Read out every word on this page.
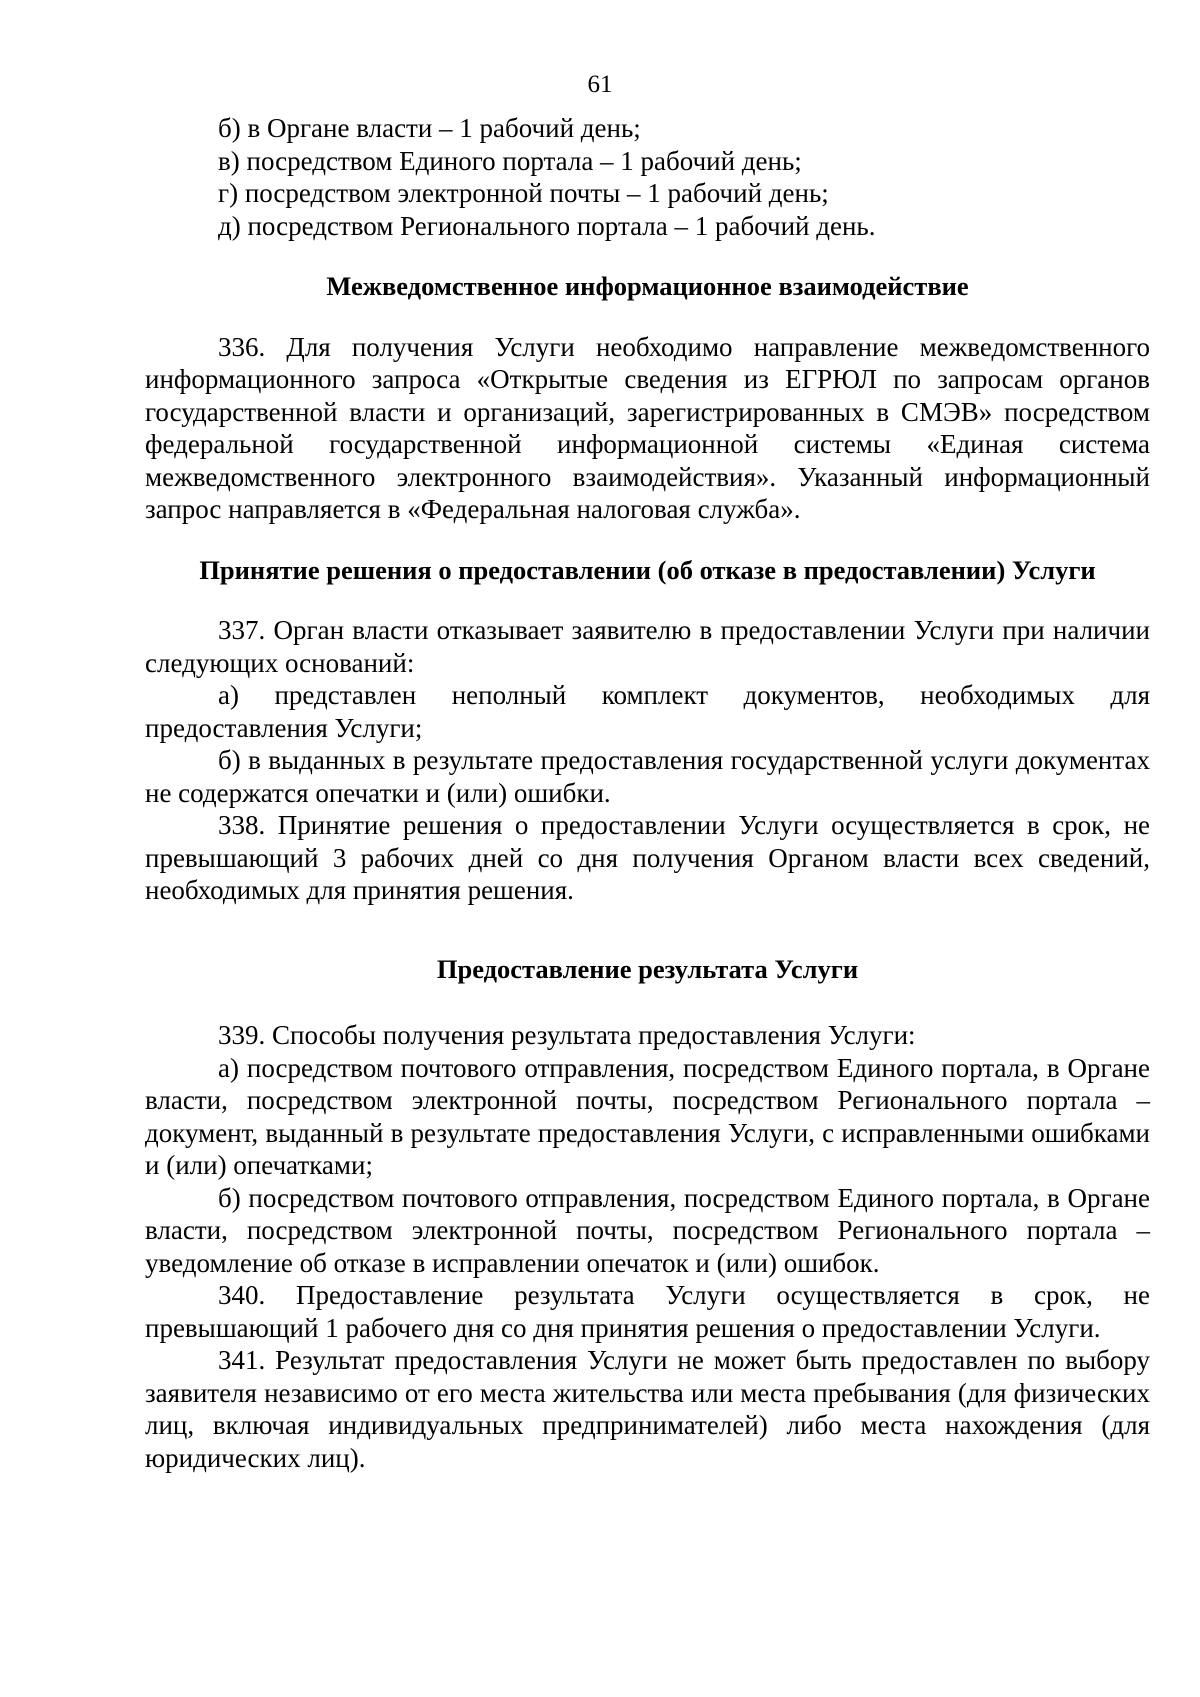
61

б) в Органе власти – 1 рабочий день;

в) посредством Единого портала – 1 рабочий день;

г) посредством электронной почты – 1 рабочий день;

д) посредством Регионального портала – 1 рабочий день.

Межведомственное информационное взаимодействие

336. Для получения Услуги необходимо направление межведомственного информационного запроса «Открытые сведения из ЕГРЮЛ по запросам органов государственной власти и организаций, зарегистрированных в СМЭВ» посредством федеральной государственной информационной системы «Единая система межведомственного электронного взаимодействия». Указанный информационный запрос направляется в «Федеральная налоговая служба».

Принятие решения о предоставлении (об отказе в предоставлении) Услуги

337. Орган власти отказывает заявителю в предоставлении Услуги при наличии следующих оснований:

а) представлен неполный комплект документов, необходимых для предоставления Услуги;

б) в выданных в результате предоставления государственной услуги документах не содержатся опечатки и (или) ошибки.

338. Принятие решения о предоставлении Услуги осуществляется в срок, не превышающий 3 рабочих дней со дня получения Органом власти всех сведений, необходимых для принятия решения.

Предоставление результата Услуги

339. Способы получения результата предоставления Услуги:

а) посредством почтового отправления, посредством Единого портала, в Органе власти, посредством электронной почты, посредством Регионального портала – документ, выданный в результате предоставления Услуги, с исправленными ошибками и (или) опечатками;

б) посредством почтового отправления, посредством Единого портала, в Органе власти, посредством электронной почты, посредством Регионального портала – уведомление об отказе в исправлении опечаток и (или) ошибок.

340. Предоставление результата Услуги осуществляется в срок, не превышающий 1 рабочего дня со дня принятия решения о предоставлении Услуги.

341. Результат предоставления Услуги не может быть предоставлен по выбору заявителя независимо от его места жительства или места пребывания (для физических лиц, включая индивидуальных предпринимателей) либо места нахождения (для юридических лиц).
